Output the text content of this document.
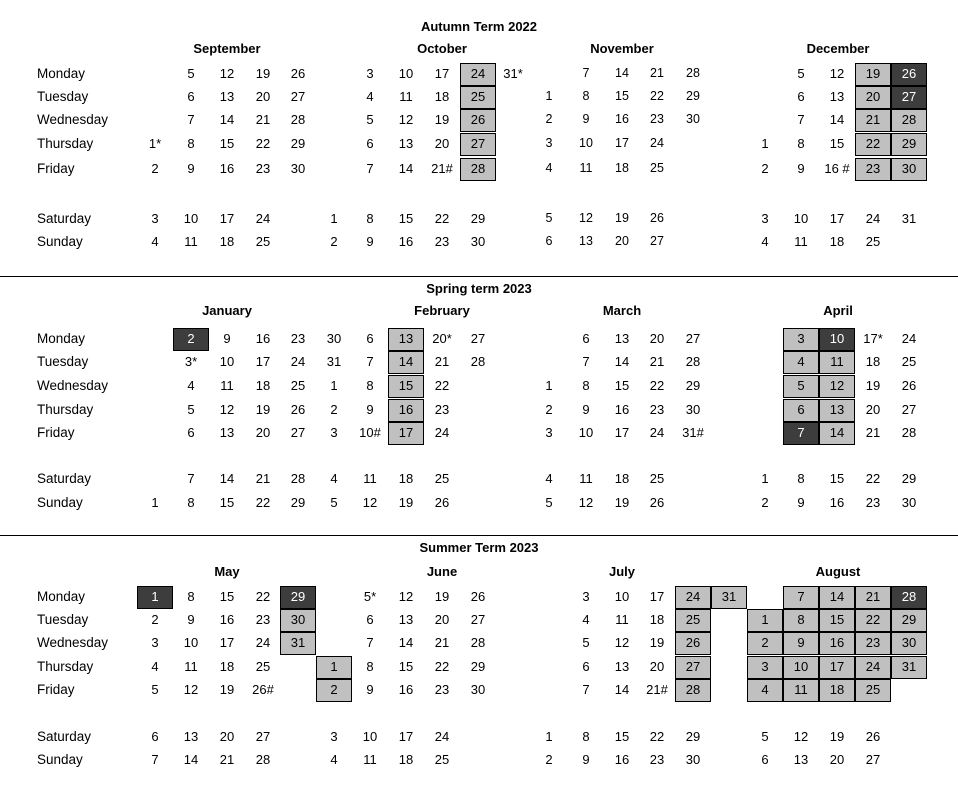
Autumn Term 2022
Monday
Tuesday
Wednesday
Thursday
Friday
Saturday
Sunday
September
1*
2
3
4
5
6
7
8
9
10
11
12
13
14
15
16
17
18
19
20
21
22
23
24
25
26
27
28
29
30
October
1
2
3
4
5
6
7
8
9
10
11
12
13
14
15
16
17
18
19
20
21#
22
23
24
25
26
27
28
29
30
31*
November
1
2
3
4
5
6
7
8
9
10
11
12
13
14
15
16
17
18
19
20
21
22
23
24
25
26
27
28
29
30
December
1
2
3
4
5
6
7
8
9
10
11
12
13
14
15
16 #
17
18
19
20
21
22
23
24
25
26
27
28
29
30
31
Spring term 2023
Monday
Tuesday
Wednesday
Thursday
Friday
Saturday
Sunday
January
1
2
3*
4
5
6
7
8
9
10
11
12
13
14
15
16
17
18
19
20
21
22
23
24
25
26
27
28
29
30
31
February
1
2
3
4
5
6
7
8
9
10#
11
12
13
14
15
16
17
18
19
20*
21
22
23
24
25
26
27
28
March
1
2
3
4
5
6
7
8
9
10
11
12
13
14
15
16
17
18
19
20
21
22
23
24
25
26
27
28
29
30
31#
April
1
2
3
4
5
6
7
8
9
10
11
12
13
14
15
16
17*
18
19
20
21
22
23
24
25
26
27
28
29
30
Summer Term 2023
Monday
Tuesday
Wednesday
Thursday
Friday
Saturday
Sunday
May
1
2
3
4
5
6
7
8
9
10
11
12
13
14
15
16
17
18
19
20
21
22
23
24
25
26#
27
28
29
30
31
June
1
2
3
4
5*
6
7
8
9
10
11
12
13
14
15
16
17
18
19
20
21
22
23
24
25
26
27
28
29
30
July
1
2
3
4
5
6
7
8
9
10
11
12
13
14
15
16
17
18
19
20
21#
22
23
24
25
26
27
28
29
30
31
August
1
2
3
4
5
6
7
8
9
10
11
12
13
14
15
16
17
18
19
20
21
22
23
24
25
26
27
28
29
30
31
